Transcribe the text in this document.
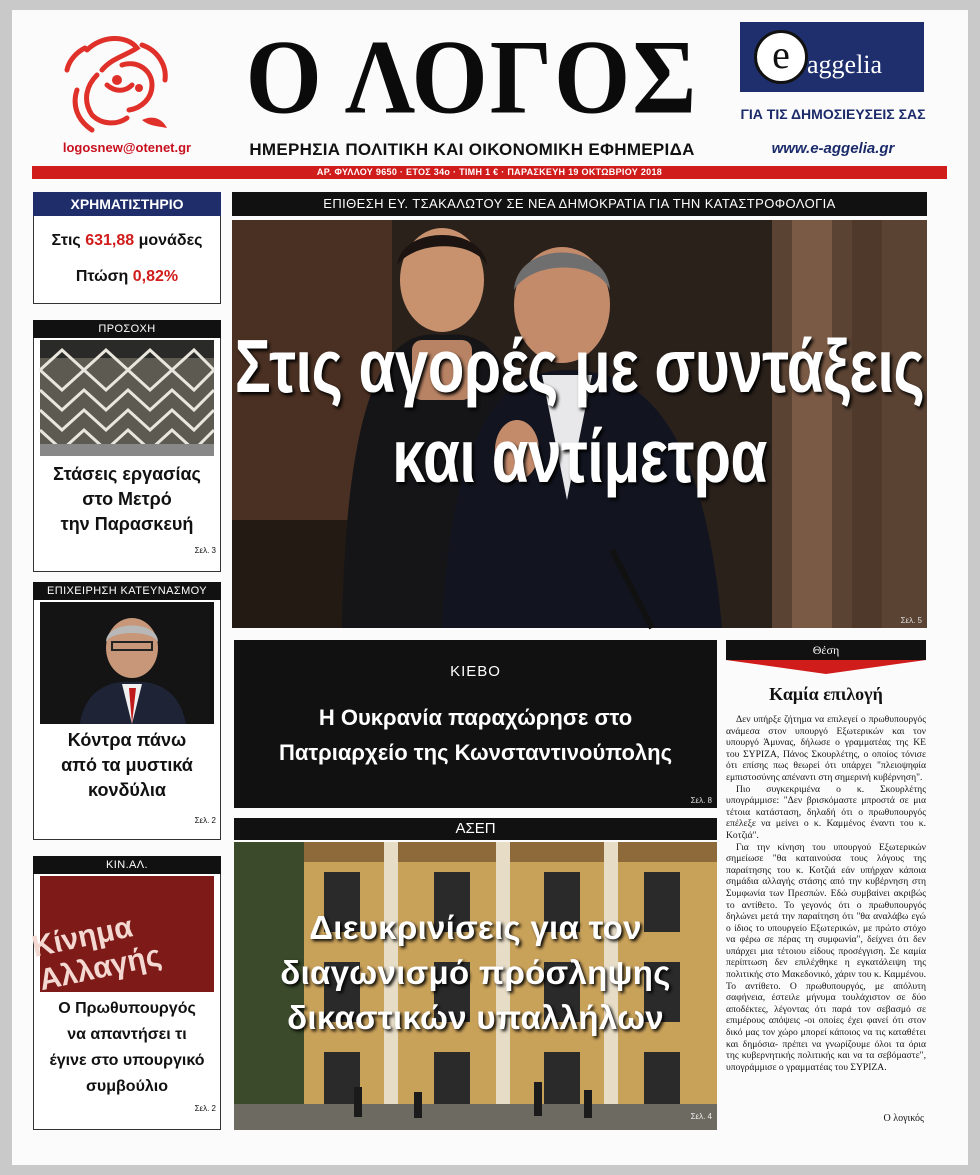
logosnew@otenet.gr
Ο ΛΟΓΟΣ
ΗΜΕΡΗΣΙΑ ΠΟΛΙΤΙΚΗ ΚΑΙ ΟΙΚΟΝΟΜΙΚΗ ΕΦΗΜΕΡΙΔΑ
e aggelia
ΓΙΑ ΤΙΣ ΔΗΜΟΣΙΕΥΣΕΙΣ ΣΑΣ
www.e-aggelia.gr
ΑΡ. ΦΥΛΛΟΥ 9650 · ΕΤΟΣ 34ο · ΤΙΜΗ 1 € · ΠΑΡΑΣΚΕΥΗ 19 ΟΚΤΩΒΡΙΟΥ 2018
ΧΡΗΜΑΤΙΣΤΗΡΙΟ
Στις 631,88 μονάδες
Πτώση 0,82%
ΠΡΟΣΟΧΗ
Στάσεις εργασίας
στο Μετρό
την Παρασκευή
Σελ. 3
ΕΠΙΧΕΙΡΗΣΗ ΚΑΤΕΥΝΑΣΜΟΥ
Κόντρα πάνω
από τα μυστικά
κονδύλια
Σελ. 2
ΚΙΝ.ΑΛ.
Κίνημα Αλλαγής
Ο Πρωθυπουργός
να απαντήσει τι
έγινε στο υπουργικό
συμβούλιο
Σελ. 2
ΕΠΙΘΕΣΗ ΕΥ. ΤΣΑΚΑΛΩΤΟΥ ΣΕ ΝΕΑ ΔΗΜΟΚΡΑΤΙΑ ΓΙΑ ΤΗΝ ΚΑΤΑΣΤΡΟΦΟΛΟΓΙΑ
Στις αγορές με συντάξεις
και αντίμετρα
Σελ. 5
ΚΙΕΒΟ
Η Ουκρανία παραχώρησε στο
Πατριαρχείο της Κωνσταντινούπολης
Σελ. 8
ΑΣΕΠ
Διευκρινίσεις για τον
διαγωνισμό πρόσληψης
δικαστικών υπαλλήλων
Σελ. 4
Θέση
Καμία επιλογή

Δεν υπήρξε ζήτημα να επιλεγεί ο πρωθυπουργός ανάμεσα στον υπουργό Εξωτερικών και τον υπουργό Άμυνας, δήλωσε ο γραμματέας της ΚΕ του ΣΥΡΙΖΑ, Πάνος Σκουρλέτης, ο οποίος τόνισε ότι επίσης πως θεωρεί ότι υπάρχει "πλειοψηφία εμπιστοσύνης απέναντι στη σημερινή κυβέρνηση".

Πιο συγκεκριμένα ο κ. Σκουρλέτης υπογράμμισε: "Δεν βρισκόμαστε μπροστά σε μια τέτοια κατάσταση, δηλαδή ότι ο πρωθυπουργός επέλεξε να μείνει ο κ. Καμμένος έναντι του κ. Κοτζιά".

Για την κίνηση του υπουργού Εξωτερικών σημείωσε "θα καταινούσα τους λόγους της παραίτησης του κ. Κοτζιά εάν υπήρχαν κάποια σημάδια αλλαγής στάσης από την κυβέρνηση στη Συμφωνία των Πρεσπών. Εδώ συμβαίνει ακριβώς το αντίθετο. Το γεγονός ότι ο πρωθυπουργός δηλώνει μετά την παραίτηση ότι "θα αναλάβω εγώ ο ίδιος το υπουργείο Εξωτερικών, με πρώτο στόχο να φέρω σε πέρας τη συμφωνία", δείχνει ότι δεν υπάρχει μια τέτοιου είδους προσέγγιση. Σε καμία περίπτωση δεν επιλέχθηκε η εγκατάλειψη της πολιτικής στο Μακεδονικό, χάριν του κ. Καμμένου. Το αντίθετο. Ο πρωθυπουργός, με απόλυτη σαφήνεια, έστειλε μήνυμα τουλάχιστον σε δύο αποδέκτες, λέγοντας ότι παρά τον σεβασμό σε επιμέρους απόψεις -οι οποίες έχει φανεί ότι στον δικό μας τον χώρο μπορεί κάποιος να τις καταθέτει και δημόσια- πρέπει να γνωρίζουμε όλοι τα όρια της κυβερνητικής πολιτικής και να τα σεβόμαστε", υπογράμμισε ο γραμματέας του ΣΥΡΙΖΑ.

Ο λογικός
